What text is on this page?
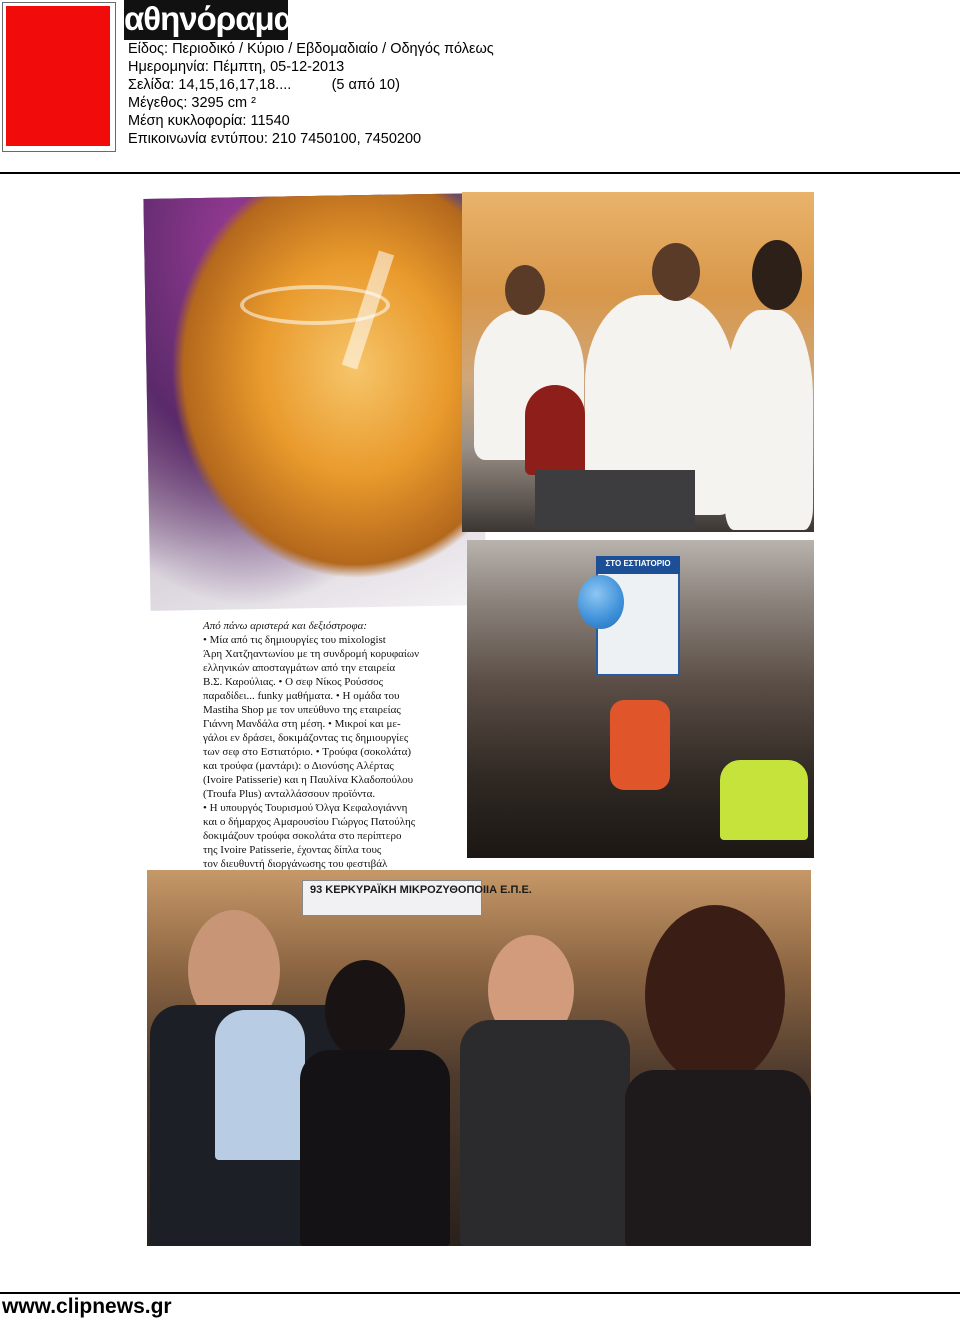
αθηνόραμα
Είδος: Περιοδικό / Κύριο / Εβδομαδιαίο / Οδηγός πόλεως
Ημερομηνία: Πέμπτη, 05-12-2013
Σελίδα: 14,15,16,17,18....          (5 από 10)
Μέγεθος: 3295 cm ²
Μέση κυκλοφορία: 11540
Επικοινωνία εντύπου: 210 7450100, 7450200
ΣΤΟ ΕΣΤΙΑΤΟΡΙΟ
Από πάνω αριστερά και δεξιόστροφα:
• Μία από τις δημιουργίες του mixologist
Άρη Χατζηαντωνίου με τη συνδρομή κορυφαίων
ελληνικών αποσταγμάτων από την εταιρεία
Β.Σ. Καρούλιας. • Ο σεφ Νίκος Ρούσσος
παραδίδει... funky μαθήματα. • Η ομάδα του
Mastiha Shop με τον υπεύθυνο της εταιρείας
Γιάννη Μανδάλα στη μέση. • Μικροί και με-
γάλοι εν δράσει, δοκιμάζοντας τις δημιουργίες
των σεφ στο Εστιατόριο. • Τρούφα (σοκολάτα)
και τρούφα (μαντάρι): ο Διονύσης Αλέρτας
(Ivoire Patisserie) και η Παυλίνα Κλαδοπούλου
(Troufa Plus) ανταλλάσσουν προϊόντα.
• Η υπουργός Τουρισμού Όλγα Κεφαλογιάννη
και ο δήμαρχος Αμαρουσίου Γιώργος Πατούλης
δοκιμάζουν τρούφα σοκολάτα στο περίπτερο
της Ivoire Patisserie, έχοντας δίπλα τους
τον διευθυντή διοργάνωσης του φεστιβάλ
93 ΚΕΡΚΥΡΑΪΚΗ ΜΙΚΡΟΖΥΘΟΠΟΙΙΑ Ε.Π.Ε.
www.clipnews.gr
